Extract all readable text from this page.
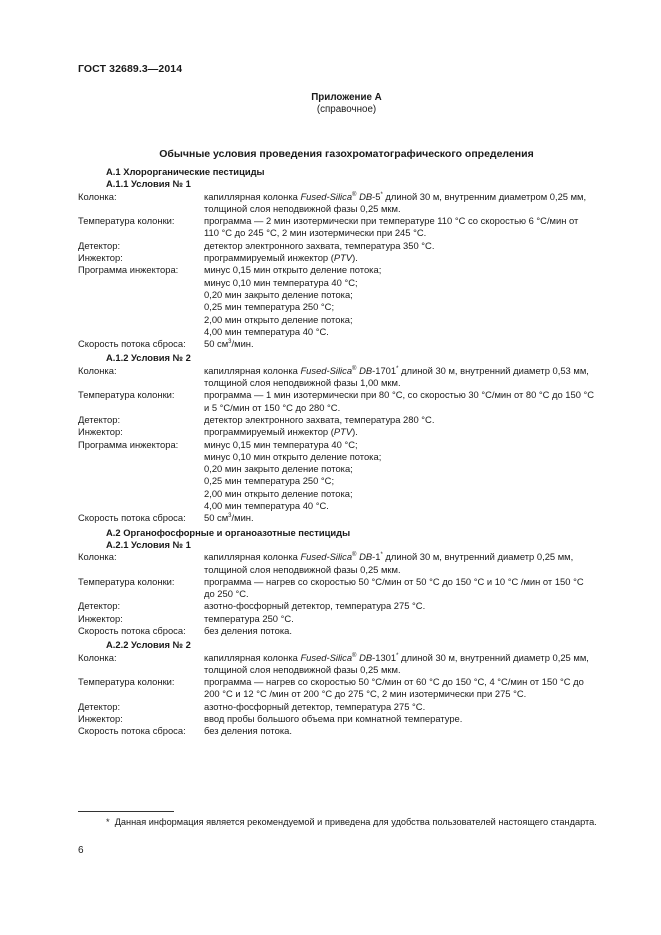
ГОСТ 32689.3—2014
Приложение А
(справочное)
Обычные условия проведения газохроматографического определения
А.1 Хлорорганические пестициды
А.1.1 Условия № 1
Колонка:	капиллярная колонка Fused-Silica® DB-5* длиной 30 м, внутренним диаметром 0,25 мм,
толщиной слоя неподвижной фазы 0,25 мкм.
Температура колонки:	программа — 2 мин изотермически при температуре 110 °С со скоростью 6 °С/мин от
110 °С до 245 °С, 2 мин изотермически при 245 °С.
Детектор:	детектор электронного захвата, температура 350 °С.
Инжектор:	программируемый инжектор (PTV).
Программа инжектора:	минус 0,15 мин открыто деление потока;
минус 0,10 мин температура 40 °С;
0,20 мин закрыто деление потока;
0,25 мин температура 250 °С;
2,00 мин открыто деление потока;
4,00 мин температура 40 °С.
Скорость потока сброса:	50 $см^3$/мин.
А.1.2 Условия № 2
Колонка:	капиллярная колонка Fused-Silica® DB-1701* длиной 30 м, внутренний диаметр 0,53 мм,
толщиной слоя неподвижной фазы 1,00 мкм.
Температура колонки:	программа — 1 мин изотермически при 80 °С, со скоростью 30 °С/мин от 80 °С до 150 °С
и 5 °С/мин от 150 °С до 280 °С.
Детектор:	детектор электронного захвата, температура 280 °С.
Инжектор:	программируемый инжектор (PTV).
Программа инжектора:	минус 0,15 мин температура 40 °С;
минус 0,10 мин открыто деление потока;
0,20 мин закрыто деление потока;
0,25 мин температура 250 °С;
2,00 мин открыто деление потока;
4,00 мин температура 40 °С.
Скорость потока сброса:	50 $см^3$/мин.
А.2 Органофосфорные и органоазотные пестициды
А.2.1 Условия № 1
Колонка:	капиллярная колонка Fused-Silica® DB-1* длиной 30 м, внутренний диаметр 0,25 мм,
толщиной слоя неподвижной фазы 0,25 мкм.
Температура колонки:	программа — нагрев со скоростью 50 °С/мин от 50 °С до 150 °С и 10 °С /мин от 150 °С
до 250 °С.
Детектор:	азотно-фосфорный детектор, температура 275 °С.
Инжектор:	температура 250 °С.
Скорость потока сброса:	без деления потока.
А.2.2 Условия № 2
Колонка:	капиллярная колонка Fused-Silica® DB-1301* длиной 30 м, внутренний диаметр 0,25 мм,
толщиной слоя неподвижной фазы 0,25 мкм.
Температура колонки:	программа — нагрев со скоростью 50 °С/мин от 60 °С до 150 °С, 4 °С/мин от 150 °С до
200 °С и 12 °С /мин от 200 °С до 275 °С, 2 мин изотермически при 275 °С.
Детектор:	азотно-фосфорный детектор, температура 275 °С.
Инжектор:	ввод пробы большого объема при комнатной температуре.
Скорость потока сброса:	без деления потока.
* Данная информация является рекомендуемой и приведена для удобства пользователей настоящего стандарта.
6
